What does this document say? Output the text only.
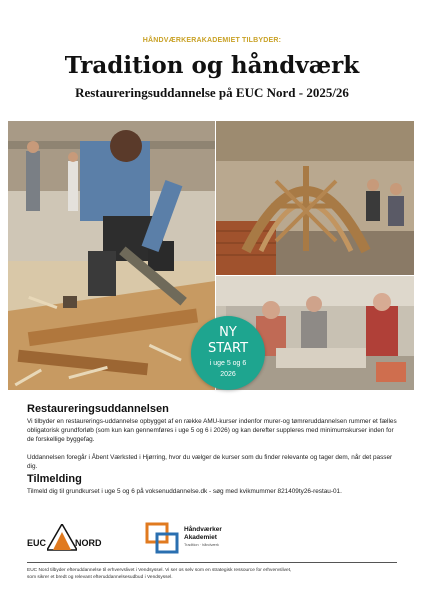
HÅNDVÆRKERAKADEMIET TILBYDER:
Tradition og håndværk
Restaureringsuddannelse på EUC Nord - 2025/26
NY
START
i uge 5 og 6
2026

Restaureringsuddannelsen

Vi tilbyder en restaurerings-uddannelse opbygget af en række AMU-kurser indenfor murer-og tømreruddannelsen rummer et fælles obligatorisk grundforløb (som kun kan gennemføres i uge 5 og 6 i 2026) og kan derefter suppleres med minimumskurser inden for de forskellige byggefag.

Uddannelsen foregår i Åbent Værksted i Hjørring, hvor du vælger de kurser som du finder relevante og tager dem, når det passer dig.

Tilmelding

Tilmeld dig til grundkurset i uge 5 og 6 på voksenuddannelse.dk - søg med kvikmummer 821409ty26-restau-01.

EUC	NORD
Håndværker
Akademiet
Tradition · håndværk
EUC Nord tilbyder efteruddannelse til erhvervslivet i Vendsyssel. Vi ser os selv som en strategisk ressource for erhvervslivet,
som sikrer et bredt og relevant efteruddannelsesudbud i Vendsyssel.
